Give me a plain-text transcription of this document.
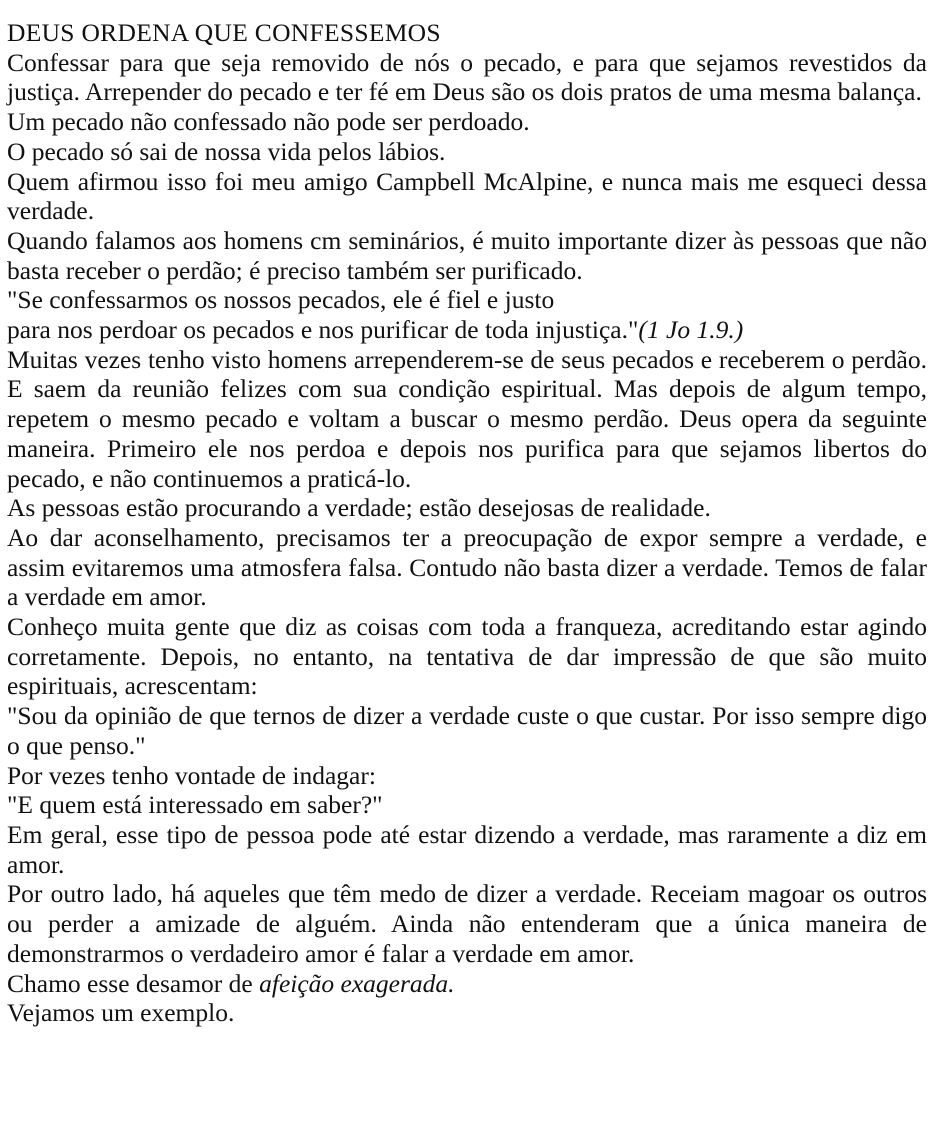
DEUS ORDENA QUE CONFESSEMOS

Confessar para que seja removido de nós o pecado, e para que sejamos revestidos da justiça. Arrepender do pecado e ter fé em Deus são os dois pratos de uma mesma balança.

Um pecado não confessado não pode ser perdoado.

O pecado só sai de nossa vida pelos lábios.

Quem afirmou isso foi meu amigo Campbell McAlpine, e nunca mais me esqueci dessa verdade.

Quando falamos aos homens cm seminários, é muito importante dizer às pessoas que não basta receber o perdão; é preciso também ser purificado.

"Se confessarmos os nossos pecados, ele é fiel e justo
para nos perdoar os pecados e nos purificar de toda injustiça."(1 Jo 1.9.)

Muitas vezes tenho visto homens arrependerem-se de seus pecados e receberem o perdão. E saem da reunião felizes com sua condição espiritual. Mas depois de algum tempo, repetem o mesmo pecado e voltam a buscar o mesmo perdão. Deus opera da seguinte maneira. Primeiro ele nos perdoa e depois nos purifica para que sejamos libertos do pecado, e não continuemos a praticá-lo.

As pessoas estão procurando a verdade; estão desejosas de realidade.

Ao dar aconselhamento, precisamos ter a preocupação de expor sempre a verdade, e assim evitaremos uma atmosfera falsa. Contudo não basta dizer a verdade. Temos de falar a verdade em amor.

Conheço muita gente que diz as coisas com toda a franqueza, acreditando estar agindo corretamente. Depois, no entanto, na tentativa de dar impressão de que são muito espirituais, acrescentam:

"Sou da opinião de que ternos de dizer a verdade custe o que custar. Por isso sempre digo o que penso."

Por vezes tenho vontade de indagar:

"E quem está interessado em saber?"

Em geral, esse tipo de pessoa pode até estar dizendo a verdade, mas raramente a diz em amor.

Por outro lado, há aqueles que têm medo de dizer a verdade. Receiam magoar os outros ou perder a amizade de alguém. Ainda não entenderam que a única maneira de demonstrarmos o verdadeiro amor é falar a verdade em amor.

Chamo esse desamor de afeição exagerada.

Vejamos um exemplo.
